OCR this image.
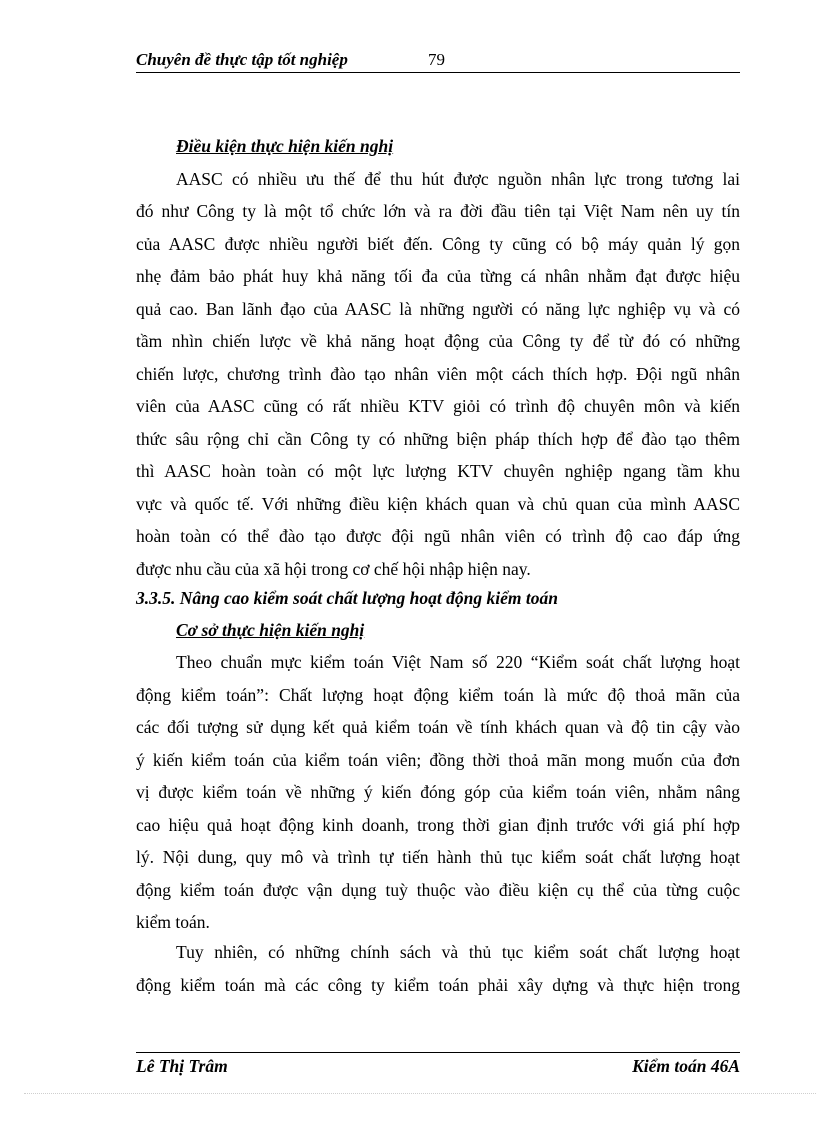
Chuyên đề thực tập tốt nghiệp	79
Điều kiện thực hiện kiến nghị
AASC có nhiều ưu thế để thu hút được nguồn nhân lực trong tương lai
đó như Công ty là một tổ chức lớn và ra đời đầu tiên tại Việt Nam nên uy tín
của AASC được nhiều người biết đến. Công ty cũng có bộ máy quản lý gọn
nhẹ đảm bảo phát huy khả năng tối đa của từng cá nhân nhằm đạt được hiệu
quả cao. Ban lãnh đạo của AASC là những người có năng lực nghiệp vụ và có
tầm nhìn chiến lược về khả năng hoạt động của Công ty để từ đó có những
chiến lược, chương trình đào tạo nhân viên một cách thích hợp. Đội ngũ nhân
viên của AASC cũng có rất nhiều KTV giỏi có trình độ chuyên môn và kiến
thức sâu rộng chỉ cần Công ty có những biện pháp thích hợp để đào tạo thêm
thì AASC hoàn toàn có một lực lượng KTV chuyên nghiệp ngang tầm khu
vực và quốc tế. Với những điều kiện khách quan và chủ quan của mình AASC
hoàn toàn có thể đào tạo được đội ngũ nhân viên có trình độ cao đáp ứng
được nhu cầu của xã hội trong cơ chế hội nhập hiện nay.
3.3.5. Nâng cao kiểm soát chất lượng hoạt động kiểm toán
Cơ sở thực hiện kiến nghị
Theo chuẩn mực kiểm toán Việt Nam số 220 “Kiểm soát chất lượng hoạt
động kiểm toán”: Chất lượng hoạt động kiểm toán là mức độ thoả mãn của
các đối tượng sử dụng kết quả kiểm toán về tính khách quan và độ tin cậy vào
ý kiến kiểm toán của kiểm toán viên; đồng thời thoả mãn mong muốn của đơn
vị được kiểm toán về những ý kiến đóng góp của kiểm toán viên, nhằm nâng
cao hiệu quả hoạt động kinh doanh, trong thời gian định trước với giá phí hợp
lý. Nội dung, quy mô và trình tự tiến hành thủ tục kiểm soát chất lượng hoạt
động kiểm toán được vận dụng tuỳ thuộc vào điều kiện cụ thể của từng cuộc
kiểm toán.
Tuy nhiên, có những chính sách và thủ tục kiểm soát chất lượng hoạt
động kiểm toán mà các công ty kiểm toán phải xây dựng và thực hiện trong
Lê Thị Trâm	Kiểm toán 46A
